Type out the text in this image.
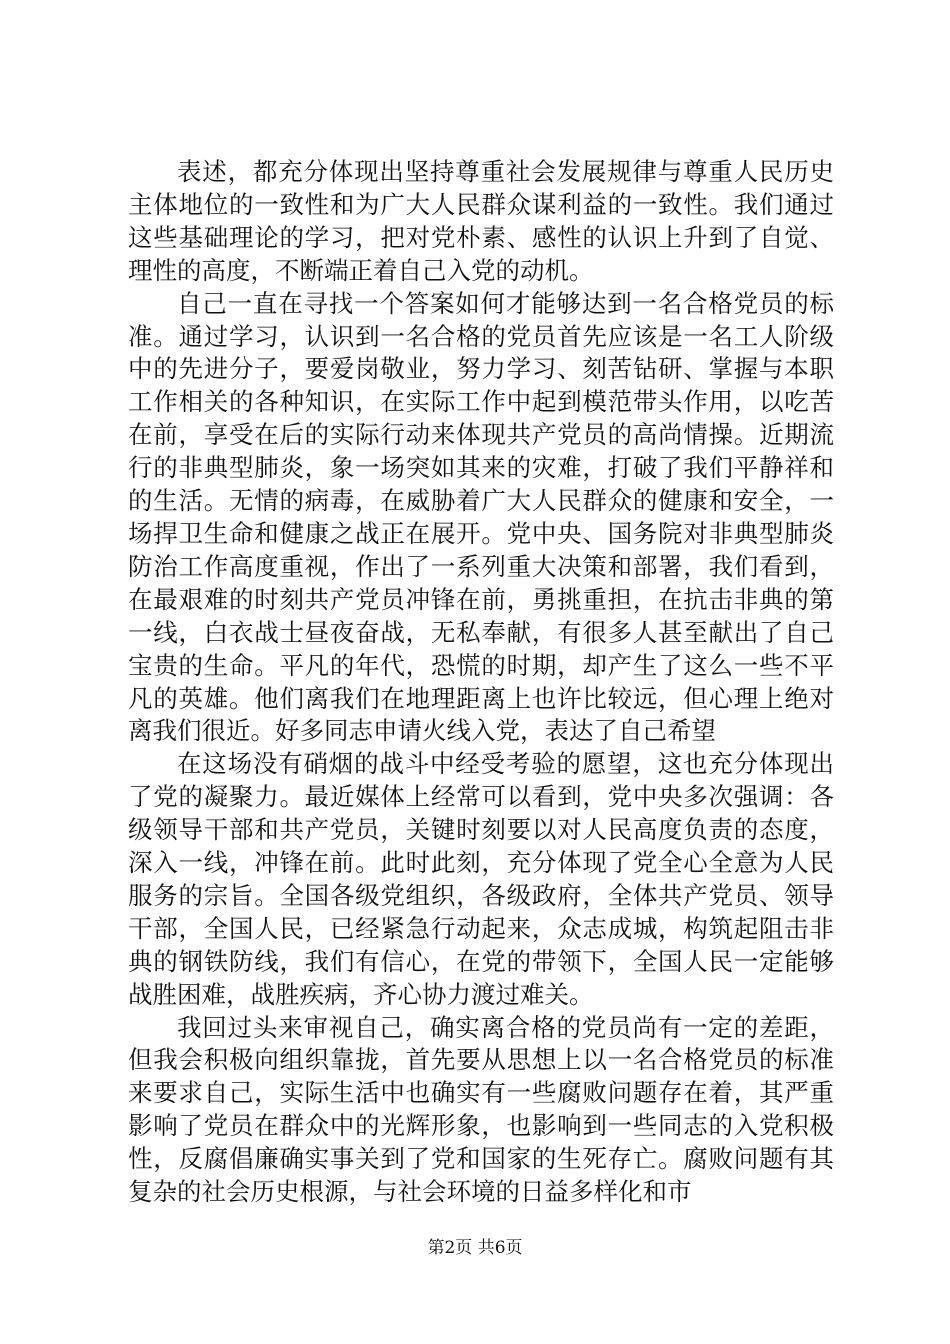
表述，都充分体现出坚持尊重社会发展规律与尊重人民历史主体地位的一致性和为广大人民群众谋利益的一致性。我们通过这些基础理论的学习，把对党朴素、感性的认识上升到了自觉、理性的高度，不断端正着自己入党的动机。

自己一直在寻找一个答案如何才能够达到一名合格党员的标准。通过学习，认识到一名合格的党员首先应该是一名工人阶级中的先进分子，要爱岗敬业，努力学习、刻苦钻研、掌握与本职工作相关的各种知识，在实际工作中起到模范带头作用，以吃苦在前，享受在后的实际行动来体现共产党员的高尚情操。近期流行的非典型肺炎，象一场突如其来的灾难，打破了我们平静祥和的生活。无情的病毒，在威胁着广大人民群众的健康和安全，一场捍卫生命和健康之战正在展开。党中央、国务院对非典型肺炎防治工作高度重视，作出了一系列重大决策和部署，我们看到，在最艰难的时刻共产党员冲锋在前，勇挑重担，在抗击非典的第一线，白衣战士昼夜奋战，无私奉献，有很多人甚至献出了自己宝贵的生命。平凡的年代，恐慌的时期，却产生了这么一些不平凡的英雄。他们离我们在地理距离上也许比较远，但心理上绝对离我们很近。好多同志申请火线入党，表达了自己希望

在这场没有硝烟的战斗中经受考验的愿望，这也充分体现出了党的凝聚力。最近媒体上经常可以看到，党中央多次强调：各级领导干部和共产党员，关键时刻要以对人民高度负责的态度，深入一线，冲锋在前。此时此刻，充分体现了党全心全意为人民服务的宗旨。全国各级党组织，各级政府，全体共产党员、领导干部，全国人民，已经紧急行动起来，众志成城，构筑起阻击非典的钢铁防线，我们有信心，在党的带领下，全国人民一定能够战胜困难，战胜疾病，齐心协力渡过难关。

我回过头来审视自己，确实离合格的党员尚有一定的差距，但我会积极向组织靠拢，首先要从思想上以一名合格党员的标准来要求自己，实际生活中也确实有一些腐败问题存在着，其严重影响了党员在群众中的光辉形象，也影响到一些同志的入党积极性，反腐倡廉确实事关到了党和国家的生死存亡。腐败问题有其复杂的社会历史根源，与社会环境的日益多样化和市

第2页 共6页
